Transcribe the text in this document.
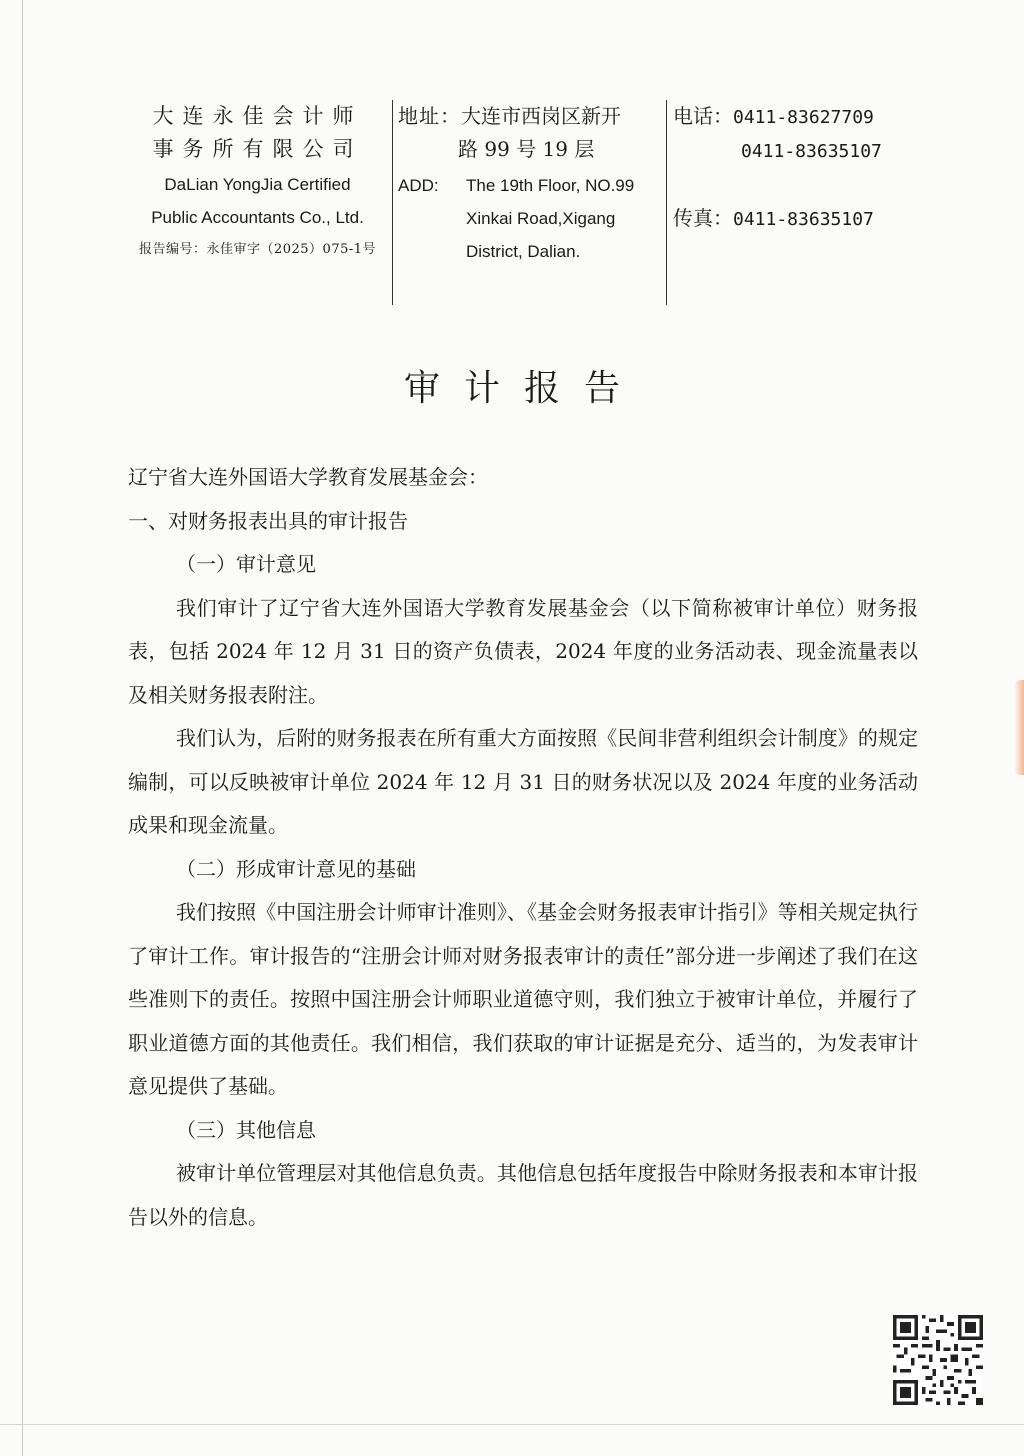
大连永佳会计师
事务所有限公司
DaLian YongJia Certified
Public Accountants Co., Ltd.
报告编号：永佳审字（2025）075-1号
地址：大连市西岗区新开
路 99 号 19 层
ADD: The 19th Floor, NO.99
Xinkai Road,Xigang
District, Dalian.
电话：0411-83627709
0411-83635107
传真：0411-83635107
审计报告

辽宁省大连外国语大学教育发展基金会：

一、对财务报表出具的审计报告

（一）审计意见

我们审计了辽宁省大连外国语大学教育发展基金会（以下简称被审计单位）财务报表，包括 2024 年 12 月 31 日的资产负债表，2024 年度的业务活动表、现金流量表以及相关财务报表附注。

我们认为，后附的财务报表在所有重大方面按照《民间非营利组织会计制度》的规定编制，可以反映被审计单位 2024 年 12 月 31 日的财务状况以及 2024 年度的业务活动成果和现金流量。

（二）形成审计意见的基础

我们按照《中国注册会计师审计准则》、《基金会财务报表审计指引》等相关规定执行了审计工作。审计报告的“注册会计师对财务报表审计的责任”部分进一步阐述了我们在这些准则下的责任。按照中国注册会计师职业道德守则，我们独立于被审计单位，并履行了职业道德方面的其他责任。我们相信，我们获取的审计证据是充分、适当的，为发表审计意见提供了基础。

（三）其他信息

被审计单位管理层对其他信息负责。其他信息包括年度报告中除财务报表和本审计报告以外的信息。
